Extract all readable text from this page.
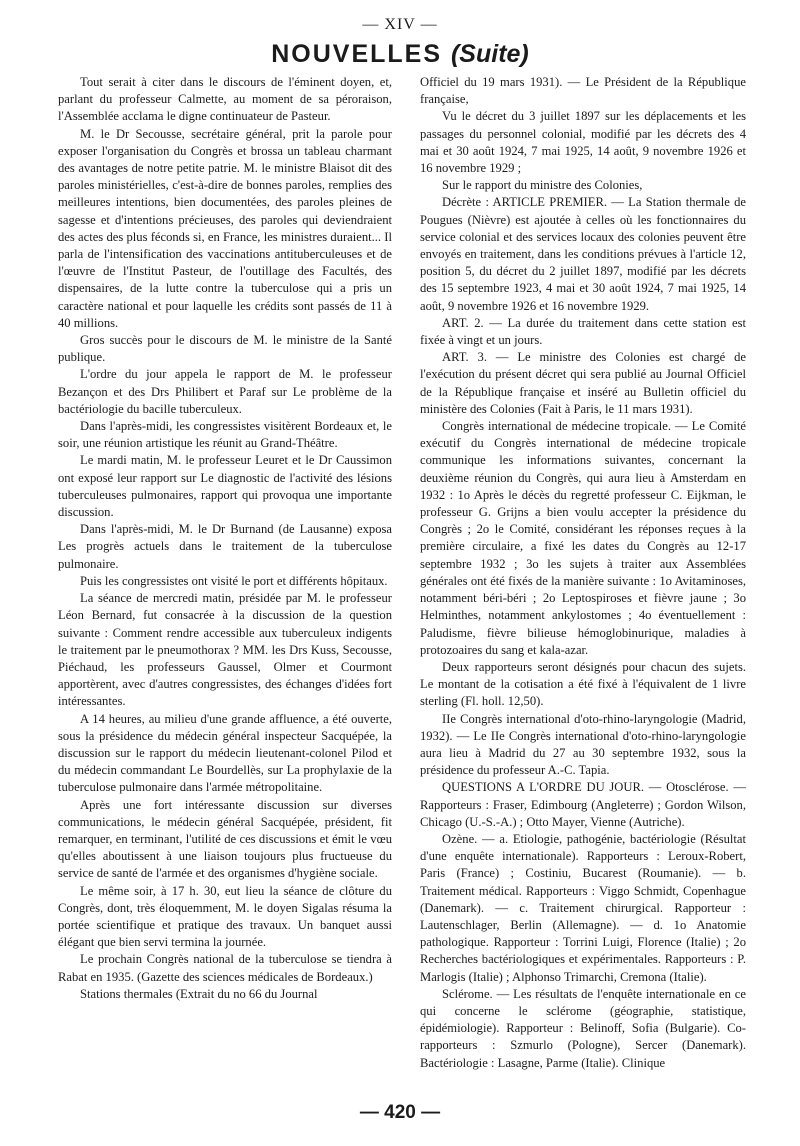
— XIV —
NOUVELLES (Suite)

Tout serait à citer dans le discours de l'éminent doyen, et, parlant du professeur Calmette, au moment de sa péroraison, l'Assemblée acclama le digne continuateur de Pasteur.

M. le Dr Secousse, secrétaire général, prit la parole pour exposer l'organisation du Congrès et brossa un tableau charmant des avantages de notre petite patrie. M. le ministre Blaisot dit des paroles ministérielles, c'est-à-dire de bonnes paroles, remplies des meilleures intentions, bien documentées, des paroles pleines de sagesse et d'intentions précieuses, des paroles qui deviendraient des actes des plus féconds si, en France, les ministres duraient... Il parla de l'intensification des vaccinations antituberculeuses et de l'œuvre de l'Institut Pasteur, de l'outillage des Facultés, des dispensaires, de la lutte contre la tuberculose qui a pris un caractère national et pour laquelle les crédits sont passés de 11 à 40 millions.

Gros succès pour le discours de M. le ministre de la Santé publique.

L'ordre du jour appela le rapport de M. le professeur Bezançon et des Drs Philibert et Paraf sur Le problème de la bactériologie du bacille tuberculeux.

Dans l'après-midi, les congressistes visitèrent Bordeaux et, le soir, une réunion artistique les réunit au Grand-Théâtre.

Le mardi matin, M. le professeur Leuret et le Dr Caussimon ont exposé leur rapport sur Le diagnostic de l'activité des lésions tuberculeuses pulmonaires, rapport qui provoqua une importante discussion.

Dans l'après-midi, M. le Dr Burnand (de Lausanne) exposa Les progrès actuels dans le traitement de la tuberculose pulmonaire.

Puis les congressistes ont visité le port et différents hôpitaux.

La séance de mercredi matin, présidée par M. le professeur Léon Bernard, fut consacrée à la discussion de la question suivante : Comment rendre accessible aux tuberculeux indigents le traitement par le pneumothorax ? MM. les Drs Kuss, Secousse, Piéchaud, les professeurs Gaussel, Olmer et Courmont apportèrent, avec d'autres congressistes, des échanges d'idées fort intéressantes.

A 14 heures, au milieu d'une grande affluence, a été ouverte, sous la présidence du médecin général inspecteur Sacquépée, la discussion sur le rapport du médecin lieutenant-colonel Pilod et du médecin commandant Le Bourdellès, sur La prophylaxie de la tuberculose pulmonaire dans l'armée métropolitaine.

Après une fort intéressante discussion sur diverses communications, le médecin général Sacquépée, président, fit remarquer, en terminant, l'utilité de ces discussions et émit le vœu qu'elles aboutissent à une liaison toujours plus fructueuse du service de santé de l'armée et des organismes d'hygiène sociale.

Le même soir, à 17 h. 30, eut lieu la séance de clôture du Congrès, dont, très éloquemment, M. le doyen Sigalas résuma la portée scientifique et pratique des travaux. Un banquet aussi élégant que bien servi termina la journée.

Le prochain Congrès national de la tuberculose se tiendra à Rabat en 1935. (Gazette des sciences médicales de Bordeaux.)

Stations thermales (Extrait du no 66 du Journal

Officiel du 19 mars 1931). — Le Président de la République française,

Vu le décret du 3 juillet 1897 sur les déplacements et les passages du personnel colonial, modifié par les décrets des 4 mai et 30 août 1924, 7 mai 1925, 14 août, 9 novembre 1926 et 16 novembre 1929 ;

Sur le rapport du ministre des Colonies,

Décrète : ARTICLE PREMIER. — La Station thermale de Pougues (Nièvre) est ajoutée à celles où les fonctionnaires du service colonial et des services locaux des colonies peuvent être envoyés en traitement, dans les conditions prévues à l'article 12, position 5, du décret du 2 juillet 1897, modifié par les décrets des 15 septembre 1923, 4 mai et 30 août 1924, 7 mai 1925, 14 août, 9 novembre 1926 et 16 novembre 1929.

ART. 2. — La durée du traitement dans cette station est fixée à vingt et un jours.

ART. 3. — Le ministre des Colonies est chargé de l'exécution du présent décret qui sera publié au Journal Officiel de la République française et inséré au Bulletin officiel du ministère des Colonies (Fait à Paris, le 11 mars 1931).

Congrès international de médecine tropicale. — Le Comité exécutif du Congrès international de médecine tropicale communique les informations suivantes, concernant la deuxième réunion du Congrès, qui aura lieu à Amsterdam en 1932 : 1o Après le décès du regretté professeur C. Eijkman, le professeur G. Grijns a bien voulu accepter la présidence du Congrès ; 2o le Comité, considérant les réponses reçues à la première circulaire, a fixé les dates du Congrès au 12-17 septembre 1932 ; 3o les sujets à traiter aux Assemblées générales ont été fixés de la manière suivante : 1o Avitaminoses, notamment béri-béri ; 2o Leptospiroses et fièvre jaune ; 3o Helminthes, notamment ankylostomes ; 4o éventuellement : Paludisme, fièvre bilieuse hémoglobinurique, maladies à protozoaires du sang et kala-azar.

Deux rapporteurs seront désignés pour chacun des sujets. Le montant de la cotisation a été fixé à l'équivalent de 1 livre sterling (Fl. holl. 12,50).

IIe Congrès international d'oto-rhino-laryngologie (Madrid, 1932). — Le IIe Congrès international d'oto-rhino-laryngologie aura lieu à Madrid du 27 au 30 septembre 1932, sous la présidence du professeur A.-C. Tapia.

QUESTIONS A L'ORDRE DU JOUR. — Otosclérose. — Rapporteurs : Fraser, Edimbourg (Angleterre) ; Gordon Wilson, Chicago (U.-S.-A.) ; Otto Mayer, Vienne (Autriche).

Ozène. — a. Etiologie, pathogénie, bactériologie (Résultat d'une enquête internationale). Rapporteurs : Leroux-Robert, Paris (France) ; Costiniu, Bucarest (Roumanie). — b. Traitement médical. Rapporteurs : Viggo Schmidt, Copenhague (Danemark). — c. Traitement chirurgical. Rapporteur : Lautenschlager, Berlin (Allemagne). — d. 1o Anatomie pathologique. Rapporteur : Torrini Luigi, Florence (Italie) ; 2o Recherches bactériologiques et expérimentales. Rapporteurs : P. Marlogis (Italie) ; Alphonso Trimarchi, Cremona (Italie).

Sclérome. — Les résultats de l'enquête internationale en ce qui concerne le sclérome (géographie, statistique, épidémiologie). Rapporteur : Belinoff, Sofia (Bulgarie). Co-rapporteurs : Szmurlo (Pologne), Sercer (Danemark). Bactériologie : Lasagne, Parme (Italie). Clinique

— 420 —
